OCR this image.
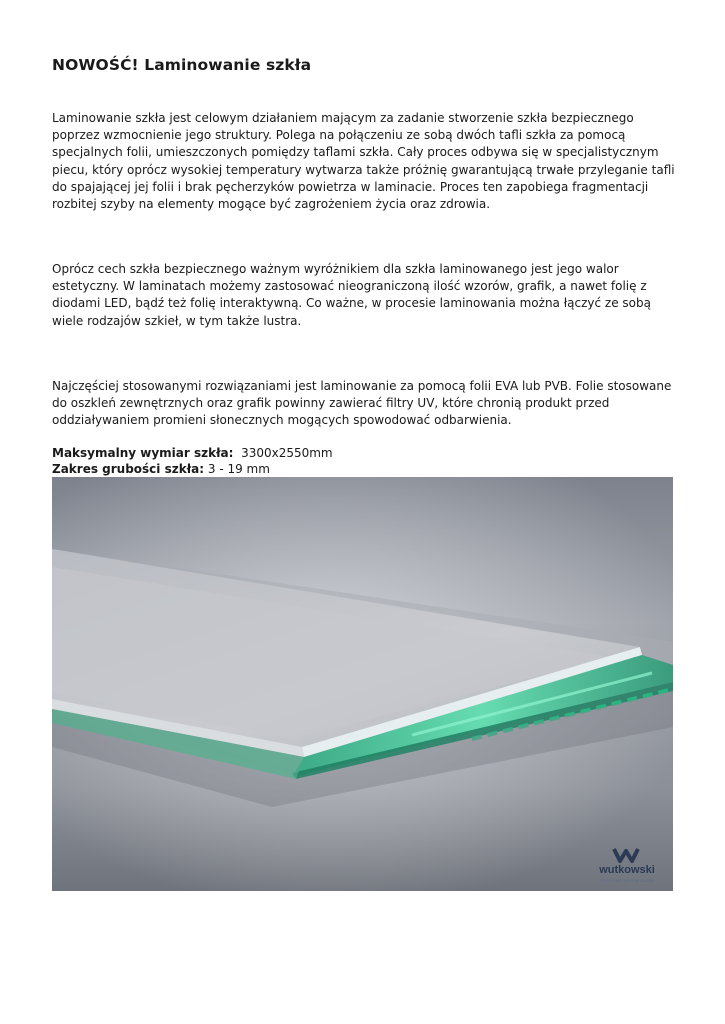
NOWOŚĆ! Laminowanie szkła

Laminowanie szkła jest celowym działaniem mającym za zadanie stworzenie szkła bezpiecznego poprzez wzmocnienie jego struktury. Polega na połączeniu ze sobą dwóch tafli szkła za pomocą specjalnych folii, umieszczonych pomiędzy taflami szkła. Cały proces odbywa się w specjalistycznym piecu, który oprócz wysokiej temperatury wytwarza także próżnię gwarantującą trwałe przyleganie tafli do spajającej jej folii i brak pęcherzyków powietrza w laminacie. Proces ten zapobiega fragmentacji rozbitej szyby na elementy mogące być zagrożeniem życia oraz zdrowia.

Oprócz cech szkła bezpiecznego ważnym wyróżnikiem dla szkła laminowanego jest jego walor estetyczny. W laminatach możemy zastosować nieograniczoną ilość wzorów, grafik, a nawet folię z diodami LED, bądź też folię interaktywną. Co ważne, w procesie laminowania można łączyć ze sobą wiele rodzajów szkieł, w tym także lustra.

Najczęściej stosowanymi rozwiązaniami jest laminowanie za pomocą folii EVA lub PVB. Folie stosowane do oszkleń zewnętrznych oraz grafik powinny zawierać filtry UV, które chronią produkt przed oddziaływaniem promieni słonecznych mogących spowodować odbarwienia.

Maksymalny wymiar szkła: 3300x2550mm
Zakres grubości szkła: 3 - 19 mm
wutkowski
YOUR PARTNER IN GLASS
